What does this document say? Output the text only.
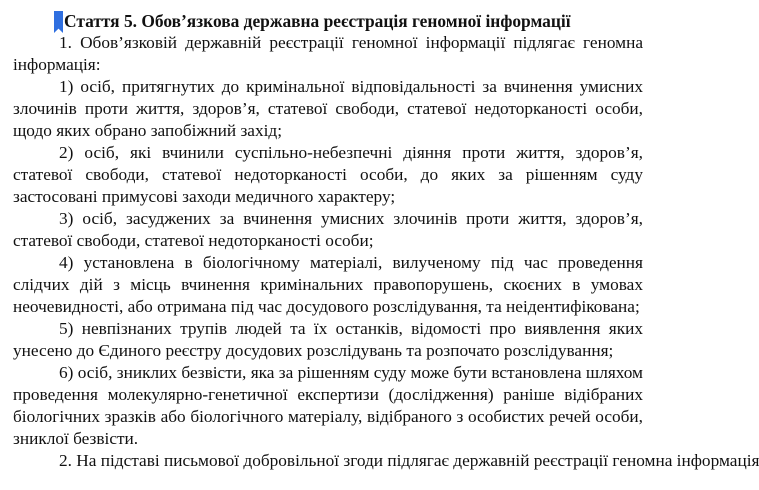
Стаття 5. Обов’язкова державна реєстрація геномної інформації

1. Обов’язковій державній реєстрації геномної інформації підлягає геномна інформація:

1) осіб, притягнутих до кримінальної відповідальності за вчинення умисних злочинів проти життя, здоров’я, статевої свободи, статевої недоторканості особи, щодо яких обрано запобіжний захід;

2) осіб, які вчинили суспільно-небезпечні діяння проти життя, здоров’я, статевої свободи, статевої недоторканості особи, до яких за рішенням суду застосовані примусові заходи медичного характеру;

3) осіб, засуджених за вчинення умисних злочинів проти життя, здоров’я, статевої свободи, статевої недоторканості особи;

4) установлена в біологічному матеріалі, вилученому під час проведення слідчих дій з місць вчинення кримінальних правопорушень, скоєних в умовах неочевидності, або отримана під час досудового розслідування, та неідентифікована;

5) невпізнаних трупів людей та їх останків, відомості про виявлення яких унесено до Єдиного реєстру досудових розслідувань та розпочато розслідування;

6) осіб, зниклих безвісти, яка за рішенням суду може бути встановлена шляхом проведення молекулярно-генетичної експертизи (дослідження) раніше відібраних біологічних зразків або біологічного матеріалу, відібраного з особистих речей особи, зниклої безвісти.

2. На підставі письмової добровільної згоди підлягає державній реєстрації геномна інформація
